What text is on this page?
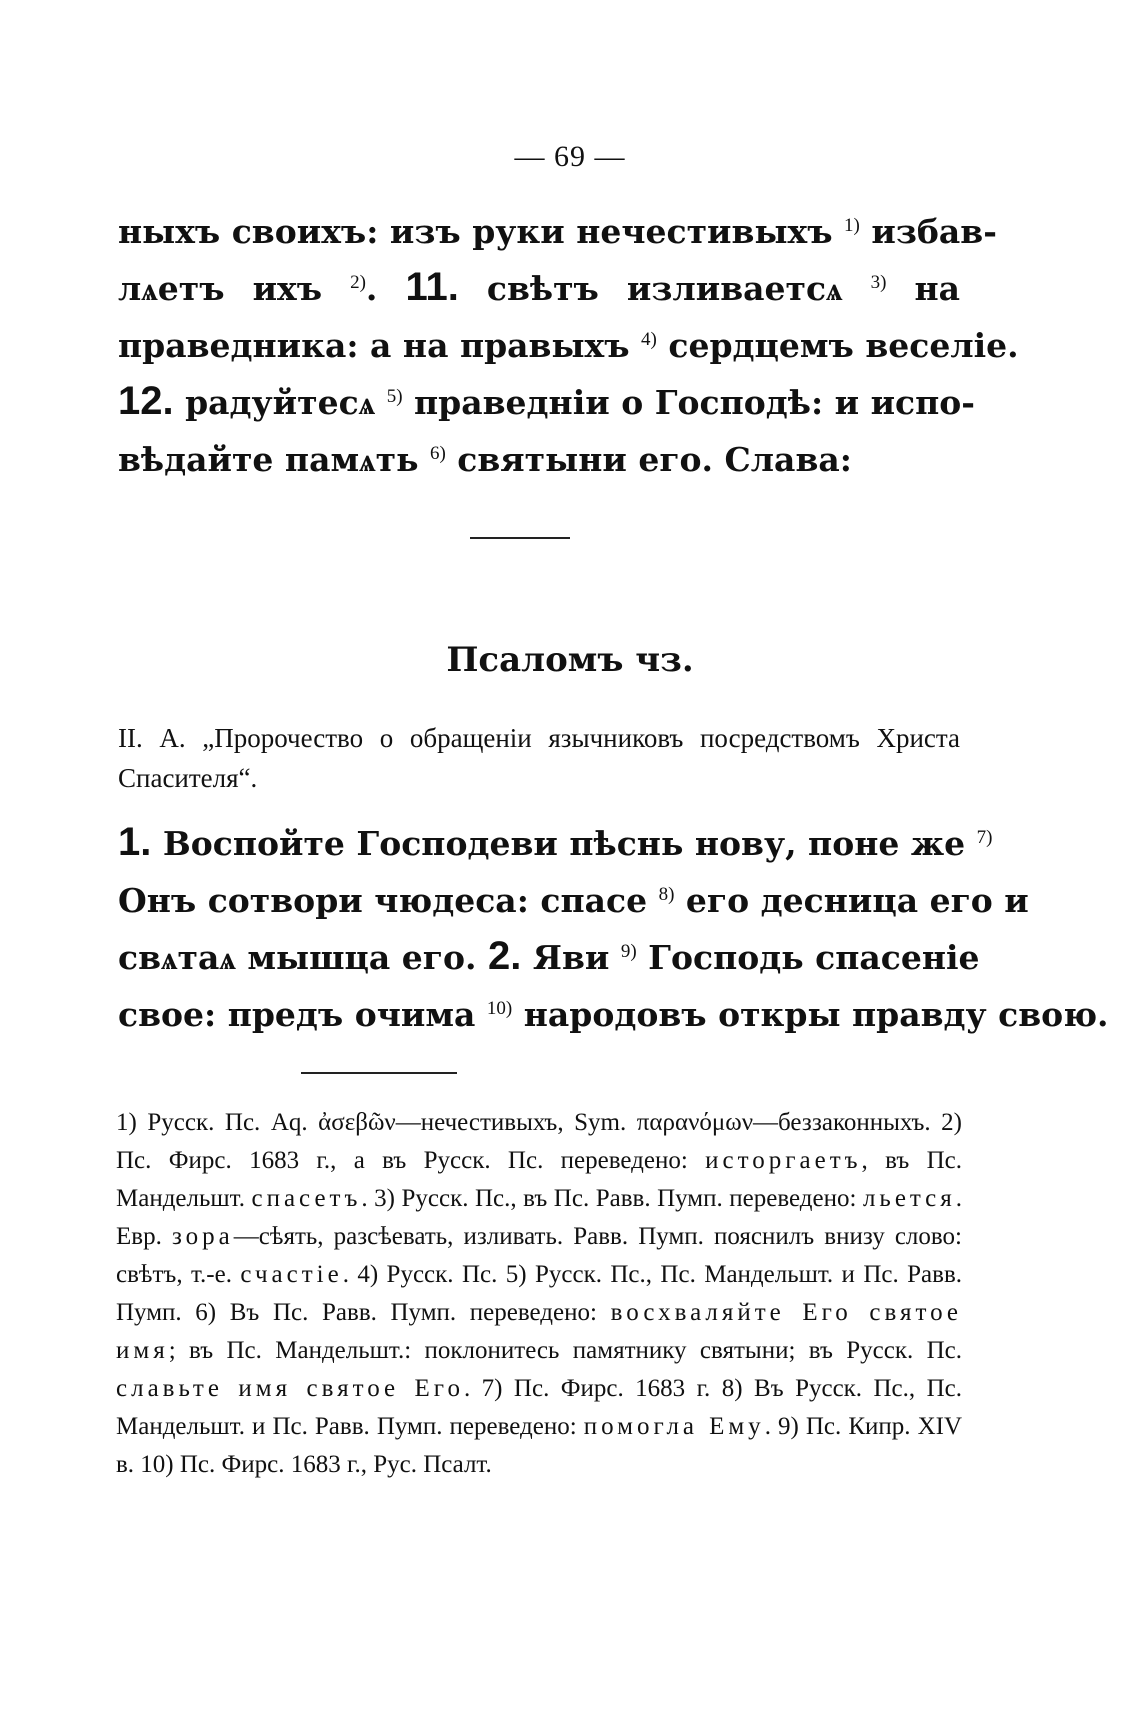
— 69 —
ныхъ своихъ: изъ руки нечестивыхъ $^{1)}$ избав-
лѧетъ ихъ $^{2)}$. 11. свѣтъ изливаетсѧ $^{3)}$ на
праведника: а на правыхъ $^{4)}$ сердцемъ веселіе.
12. радуйтесѧ $^{5)}$ праведніи о Господѣ: и испо-
вѣдайте памѧть $^{6)}$ святыни его. Слава:
Псаломъ чз.

II. А. „Пророчество о обращеніи язычниковъ посредствомъ Христа Спасителя“.

1. Воспойте Господеви пѣснь нову, поне же $^{7)}$
Онъ сотвори чюдеса: спасе $^{8)}$ его десница его и
свѧтаѧ мышца его. 2. Яви $^{9)}$ Господь спасеніе
свое: предъ очима $^{10)}$ народовъ откры правду свою.

1) Русск. Пс. Aq. ἀσεβῶν—нечестивыхъ, Sym. παρανόμων—беззаконныхъ. 2) Пс. Фирс. 1683 г., а въ Русск. Пс. переведено: исторгаетъ, въ Пс. Мандельшт. спасетъ. 3) Русск. Пс., въ Пс. Равв. Пумп. переведено: льется. Евр. зора—сѣять, разсѣевать, изливать. Равв. Пумп. пояснилъ внизу слово: свѣтъ, т.-е. счастіе. 4) Русск. Пс. 5) Русск. Пс., Пс. Мандельшт. и Пс. Равв. Пумп. 6) Въ Пс. Равв. Пумп. переведено: восхваляйте Его святое имя; въ Пс. Мандельшт.: поклонитесь памятнику святыни; въ Русск. Пс. славьте имя святое Его. 7) Пс. Фирс. 1683 г. 8) Въ Русск. Пс., Пс. Мандельшт. и Пс. Равв. Пумп. переведено: помогла Ему. 9) Пс. Кипр. XIV в. 10) Пс. Фирс. 1683 г., Рус. Псалт.
